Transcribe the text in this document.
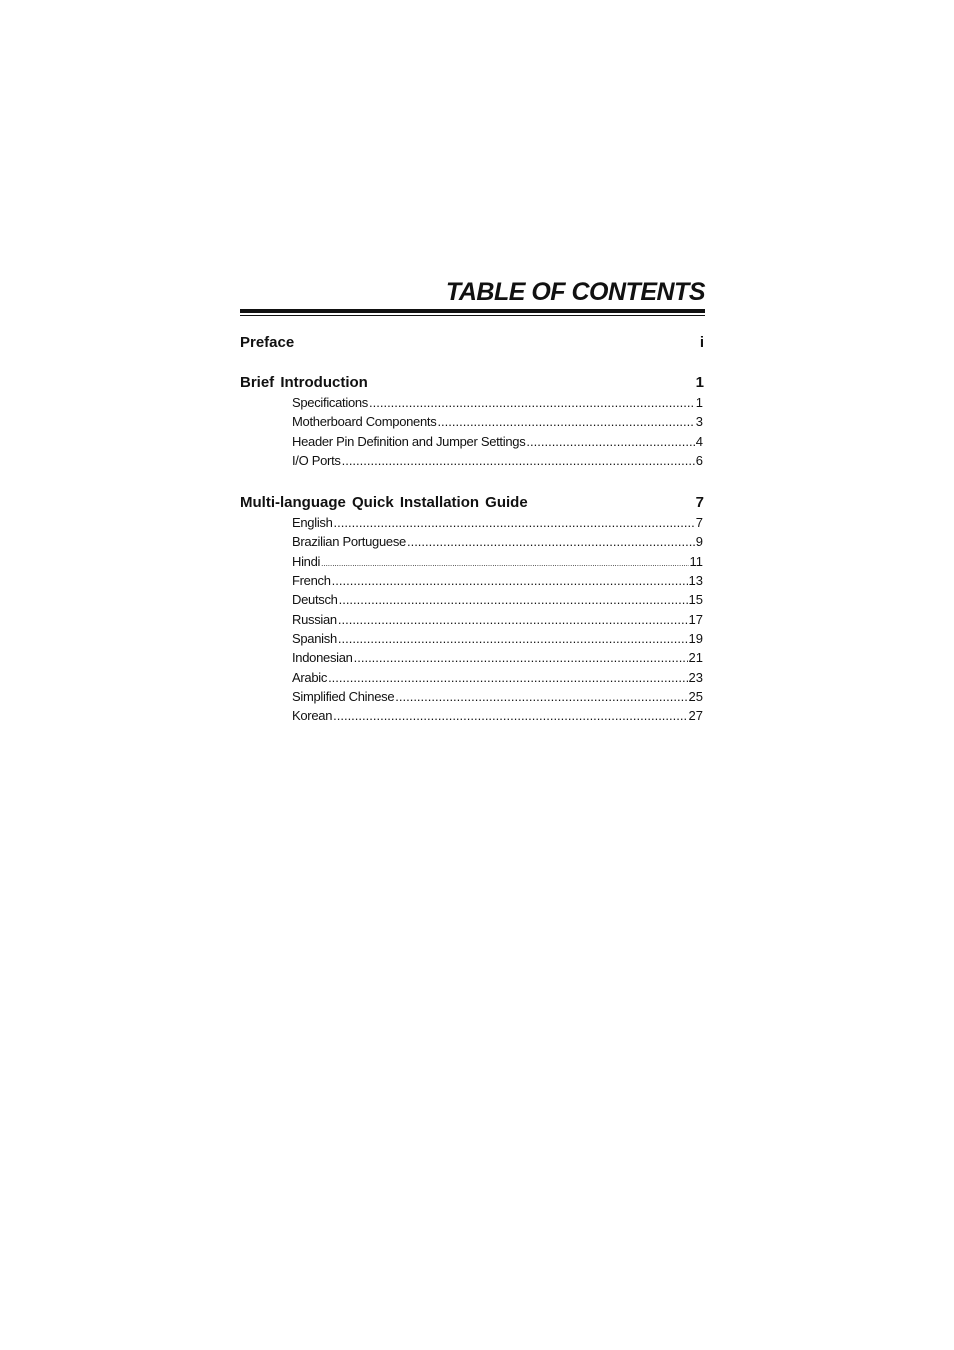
TABLE OF CONTENTS
Preface	i
Brief Introduction	1
Specifications .....	1
Motherboard Components .....	3
Header Pin Definition and Jumper Settings .....	4
I/O Ports .....	6
Multi-language Quick Installation Guide	7
English .....	7
Brazilian Portuguese .....	9
Hindi .....	11
French .....	13
Deutsch .....	15
Russian .....	17
Spanish .....	19
Indonesian .....	21
Arabic .....	23
Simplified Chinese .....	25
Korean .....	27
